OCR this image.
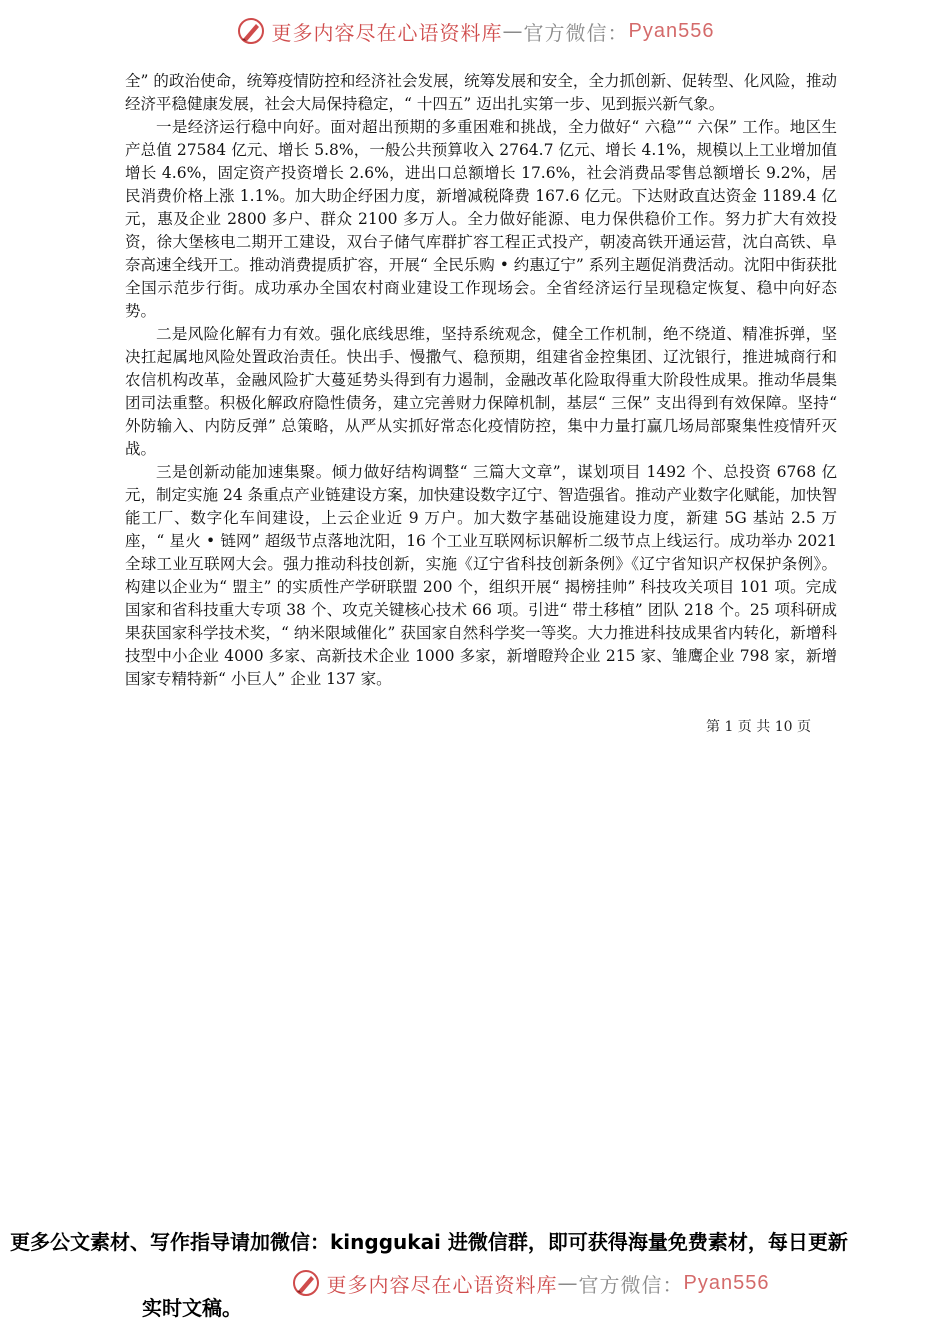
更多内容尽在心语资料库 — 官方微信： Pyan556

全” 的政治使命，统筹疫情防控和经济社会发展，统筹发展和安全，全力抓创新、促转型、化风险，推动经济平稳健康发展，社会大局保持稳定，“ 十四五” 迈出扎实第一步、见到振兴新气象。

一是经济运行稳中向好。面对超出预期的多重困难和挑战，全力做好“ 六稳”“ 六保” 工作。地区生产总值 27584 亿元、增长 5.8%，一般公共预算收入 2764.7 亿元、增长 4.1%，规模以上工业增加值增长 4.6%，固定资产投资增长 2.6%，进出口总额增长 17.6%，社会消费品零售总额增长 9.2%，居民消费价格上涨 1.1%。加大助企纾困力度，新增减税降费 167.6 亿元。下达财政直达资金 1189.4 亿元，惠及企业 2800 多户、群众 2100 多万人。全力做好能源、电力保供稳价工作。努力扩大有效投资，徐大堡核电二期开工建设，双台子储气库群扩容工程正式投产，朝凌高铁开通运营，沈白高铁、阜奈高速全线开工。推动消费提质扩容，开展“ 全民乐购 • 约惠辽宁” 系列主题促消费活动。沈阳中街获批全国示范步行街。成功承办全国农村商业建设工作现场会。全省经济运行呈现稳定恢复、稳中向好态势。

二是风险化解有力有效。强化底线思维，坚持系统观念，健全工作机制，绝不绕道、精准拆弹，坚决扛起属地风险处置政治责任。快出手、慢撒气、稳预期，组建省金控集团、辽沈银行，推进城商行和农信机构改革，金融风险扩大蔓延势头得到有力遏制，金融改革化险取得重大阶段性成果。推动华晨集团司法重整。积极化解政府隐性债务，建立完善财力保障机制，基层“ 三保” 支出得到有效保障。坚持“ 外防输入、内防反弹” 总策略，从严从实抓好常态化疫情防控，集中力量打赢几场局部聚集性疫情歼灭战。

三是创新动能加速集聚。倾力做好结构调整“ 三篇大文章”，谋划项目 1492 个、总投资 6768 亿元，制定实施 24 条重点产业链建设方案，加快建设数字辽宁、智造强省。推动产业数字化赋能，加快智能工厂、数字化车间建设，上云企业近 9 万户。加大数字基础设施建设力度，新建 5G 基站 2.5 万座，“ 星火 • 链网” 超级节点落地沈阳，16 个工业互联网标识解析二级节点上线运行。成功举办 2021 全球工业互联网大会。强力推动科技创新，实施《辽宁省科技创新条例》《辽宁省知识产权保护条例》。构建以企业为“ 盟主” 的实质性产学研联盟 200 个，组织开展“ 揭榜挂帅” 科技攻关项目 101 项。完成国家和省科技重大专项 38 个、攻克关键核心技术 66 项。引进“ 带土移植” 团队 218 个。25 项科研成果获国家科学技术奖，“ 纳米限域催化” 获国家自然科学奖一等奖。大力推进科技成果省内转化，新增科技型中小企业 4000 多家、高新技术企业 1000 多家，新增瞪羚企业 215 家、雏鹰企业 798 家，新增国家专精特新“ 小巨人” 企业 137 家。

第 1 页 共 10 页
更多公文素材、写作指导请加微信：kinggukai 进微信群，即可获得海量免费素材，每日更新
实时文稿。
更多内容尽在心语资料库 — 官方微信： Pyan556
